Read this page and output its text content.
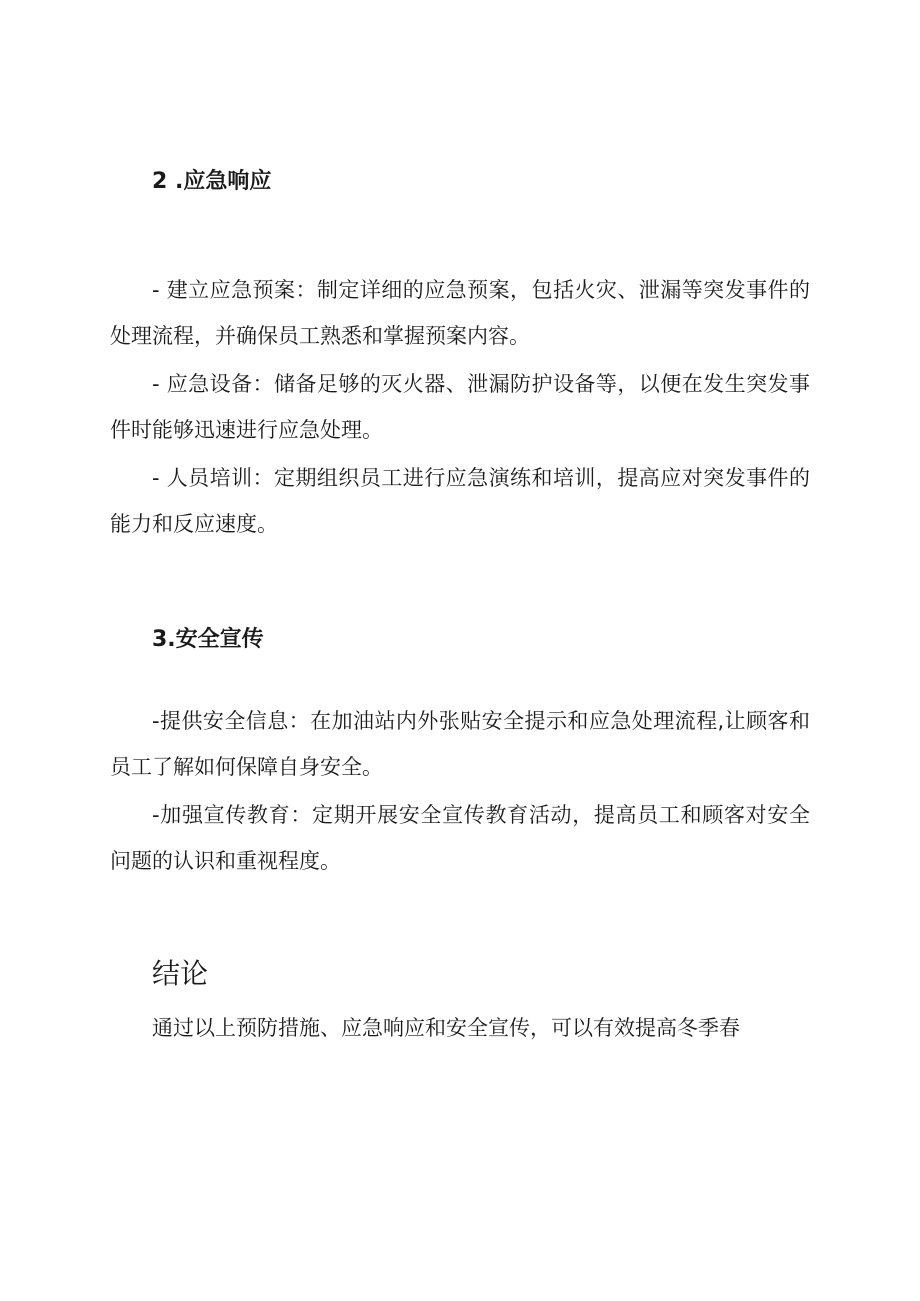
2 .应急响应

- 建立应急预案：制定详细的应急预案，包括火灾、泄漏等突发事件的处理流程，并确保员工熟悉和掌握预案内容。

- 应急设备：储备足够的灭火器、泄漏防护设备等，以便在发生突发事件时能够迅速进行应急处理。

- 人员培训：定期组织员工进行应急演练和培训，提高应对突发事件的能力和反应速度。

3.安全宣传

-提供安全信息：在加油站内外张贴安全提示和应急处理流程,让顾客和员工了解如何保障自身安全。

-加强宣传教育：定期开展安全宣传教育活动，提高员工和顾客对安全问题的认识和重视程度。

结论
通过以上预防措施、应急响应和安全宣传，可以有效提高冬季春
